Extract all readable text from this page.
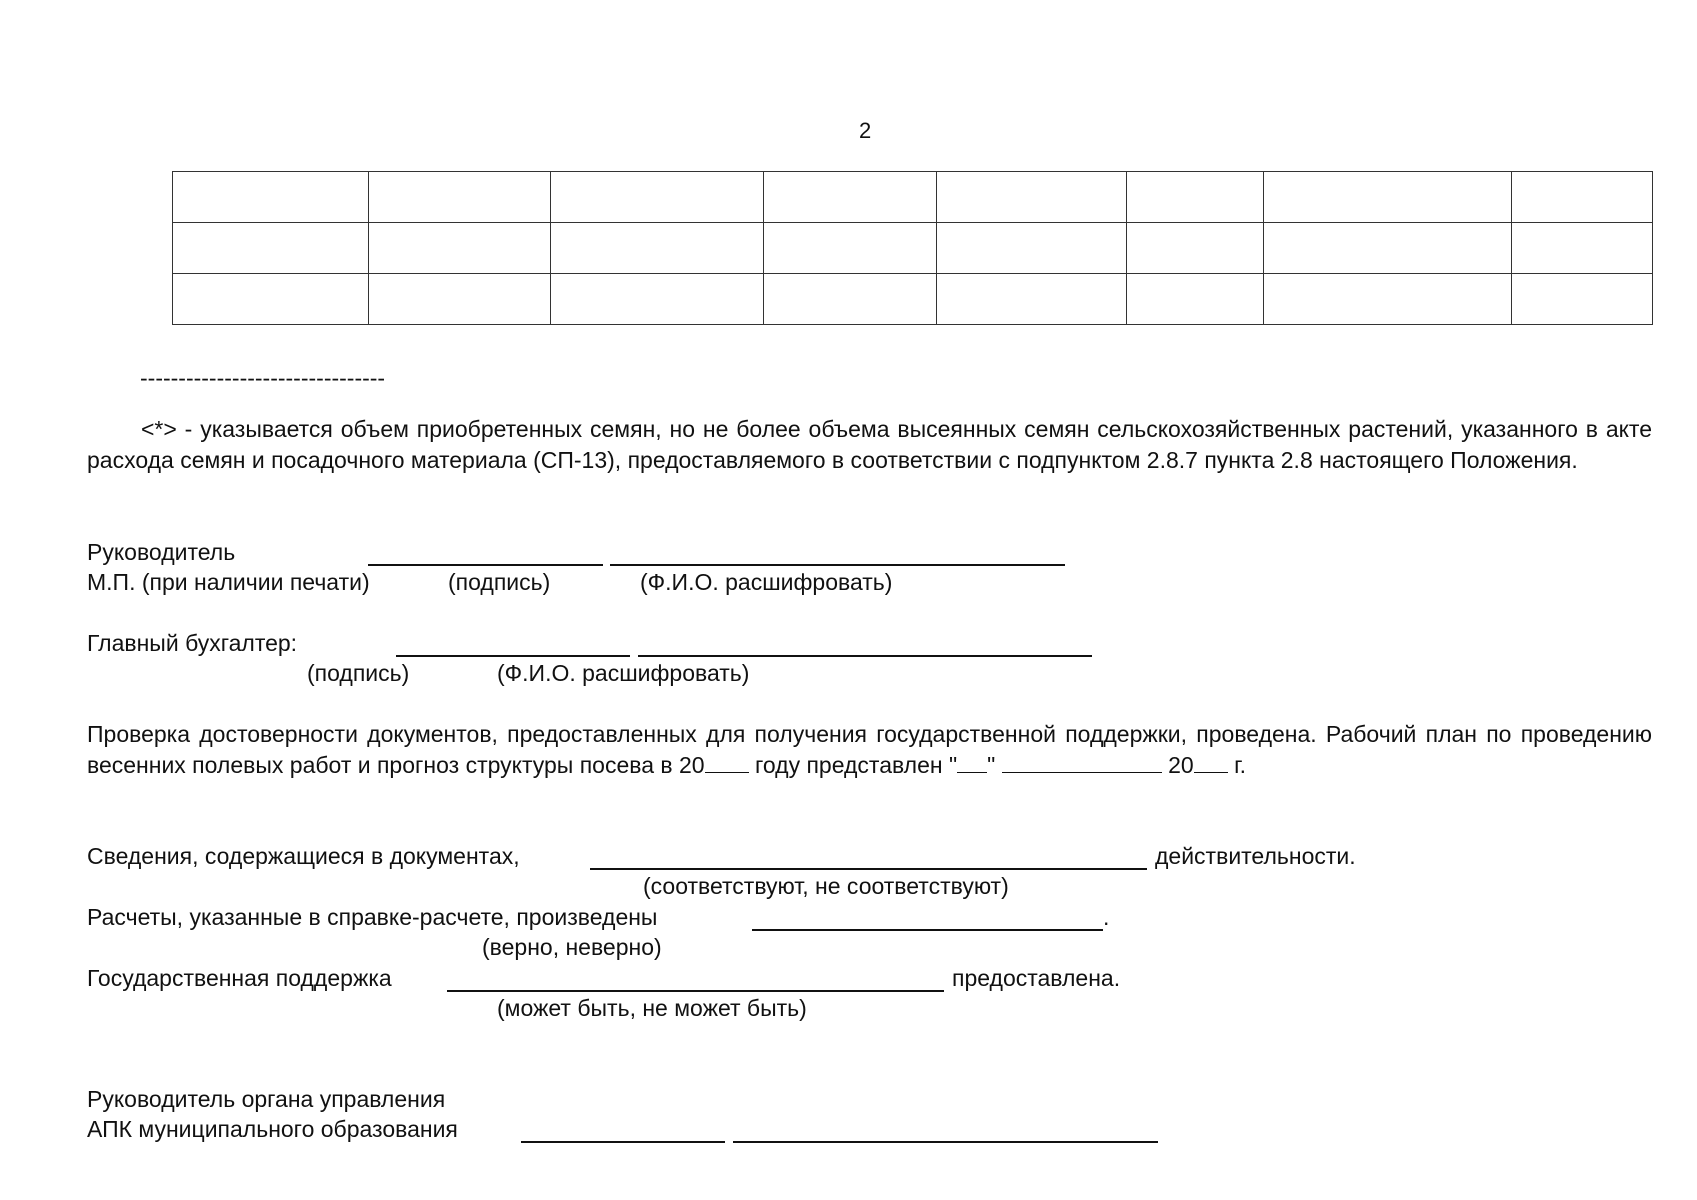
2

--------------------------------
<*> - указывается объем приобретенных семян, но не более объема высеянных семян сельскохозяйственных растений, указанного в акте расхода семян и посадочного материала (СП-13), предоставляемого в соответствии с подпунктом 2.8.7 пункта 2.8 настоящего Положения.
Руководитель
М.П. (при наличии печати)	(подпись)	(Ф.И.О. расшифровать)
Главный бухгалтер:
(подпись)	(Ф.И.О. расшифровать)
Проверка достоверности документов, предоставленных для получения государственной поддержки, проведена. Рабочий план по проведению весенних полевых работ и прогноз структуры посева в 20 году представлен " "	20 г.
Сведения, содержащиеся в документах,	действительности.
(соответствуют, не соответствуют)
Расчеты, указанные в справке-расчете, произведены	.
(верно, неверно)
Государственная поддержка	предоставлена.
(может быть, не может быть)
Руководитель органа управления
АПК муниципального образования
